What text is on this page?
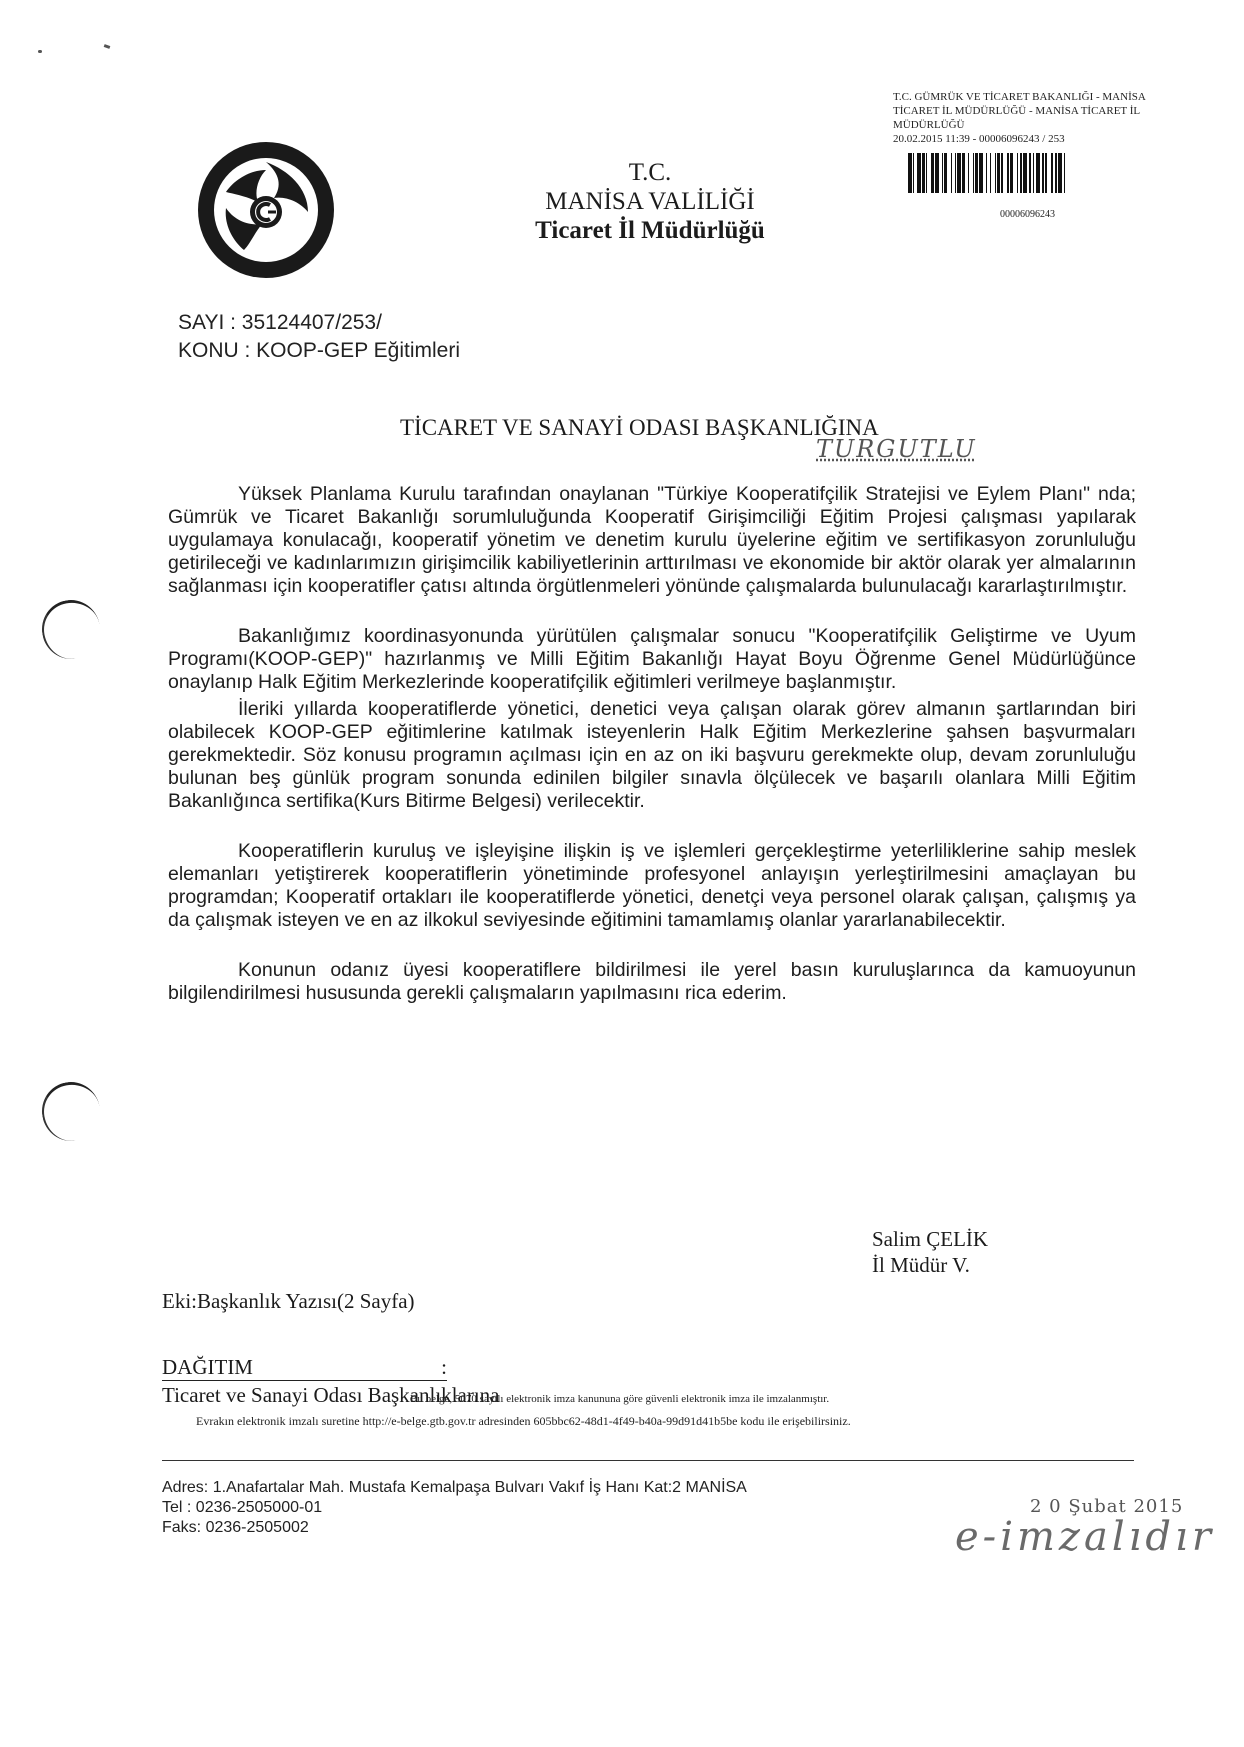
T.C. GÜMRÜK VE TİCARET BAKANLIĞI - MANİSA
TİCARET İL MÜDÜRLÜĞÜ - MANİSA TİCARET İL
MÜDÜRLÜĞÜ
20.02.2015 11:39 - 00006096243 / 253
00006096243
T.C.
MANİSA VALİLİĞİ
Ticaret İl Müdürlüğü
SAYI : 35124407/253/
KONU : KOOP-GEP Eğitimleri
TİCARET VE SANAYİ ODASI BAŞKANLIĞINA
TURGUTLU

Yüksek Planlama Kurulu tarafından onaylanan "Türkiye Kooperatifçilik Stratejisi ve Eylem Planı" nda; Gümrük ve Ticaret Bakanlığı sorumluluğunda Kooperatif Girişimciliği Eğitim Projesi çalışması yapılarak uygulamaya konulacağı, kooperatif yönetim ve denetim kurulu üyelerine eğitim ve sertifikasyon zorunluluğu getirileceği ve kadınlarımızın girişimcilik kabiliyetlerinin arttırılması ve ekonomide bir aktör olarak yer almalarının sağlanması için kooperatifler çatısı altında örgütlenmeleri yönünde çalışmalarda bulunulacağı kararlaştırılmıştır.

Bakanlığımız koordinasyonunda yürütülen çalışmalar sonucu "Kooperatifçilik Geliştirme ve Uyum Programı(KOOP-GEP)" hazırlanmış ve Milli Eğitim Bakanlığı Hayat Boyu Öğrenme Genel Müdürlüğünce onaylanıp Halk Eğitim Merkezlerinde kooperatifçilik eğitimleri verilmeye başlanmıştır.

İleriki yıllarda kooperatiflerde yönetici, denetici veya çalışan olarak görev almanın şartlarından biri olabilecek KOOP-GEP eğitimlerine katılmak isteyenlerin Halk Eğitim Merkezlerine şahsen başvurmaları gerekmektedir. Söz konusu programın açılması için en az on iki başvuru gerekmekte olup, devam zorunluluğu bulunan beş günlük program sonunda edinilen bilgiler sınavla ölçülecek ve başarılı olanlara Milli Eğitim Bakanlığınca sertifika(Kurs Bitirme Belgesi) verilecektir.

Kooperatiflerin kuruluş ve işleyişine ilişkin iş ve işlemleri gerçekleştirme yeterliliklerine sahip meslek elemanları yetiştirerek kooperatiflerin yönetiminde profesyonel anlayışın yerleştirilmesini amaçlayan bu programdan; Kooperatif ortakları ile kooperatiflerde yönetici, denetçi veya personel olarak çalışan, çalışmış ya da çalışmak isteyen ve en az ilkokul seviyesinde eğitimini tamamlamış olanlar yararlanabilecektir.

Konunun odanız üyesi kooperatiflere bildirilmesi ile yerel basın kuruluşlarınca da kamuoyunun bilgilendirilmesi hususunda gerekli çalışmaların yapılmasını rica ederim.

Salim ÇELİK
İl Müdür V.
Eki:Başkanlık Yazısı(2 Sayfa)
DAĞITIM	:
Ticaret ve Sanayi Odası Başkanlıklarına
Bu belge, 5070 sayılı elektronik imza kanununa göre güvenli elektronik imza ile imzalanmıştır.
Evrakın elektronik imzalı suretine http://e-belge.gtb.gov.tr adresinden 605bbc62-48d1-4f49-b40a-99d91d41b5be kodu ile erişebilirsiniz.
Adres: 1.Anafartalar Mah. Mustafa Kemalpaşa Bulvarı Vakıf İş Hanı Kat:2 MANİSA
Tel : 0236-2505000-01
Faks: 0236-2505002
2 0 Şubat 2015
e-imzalıdır
